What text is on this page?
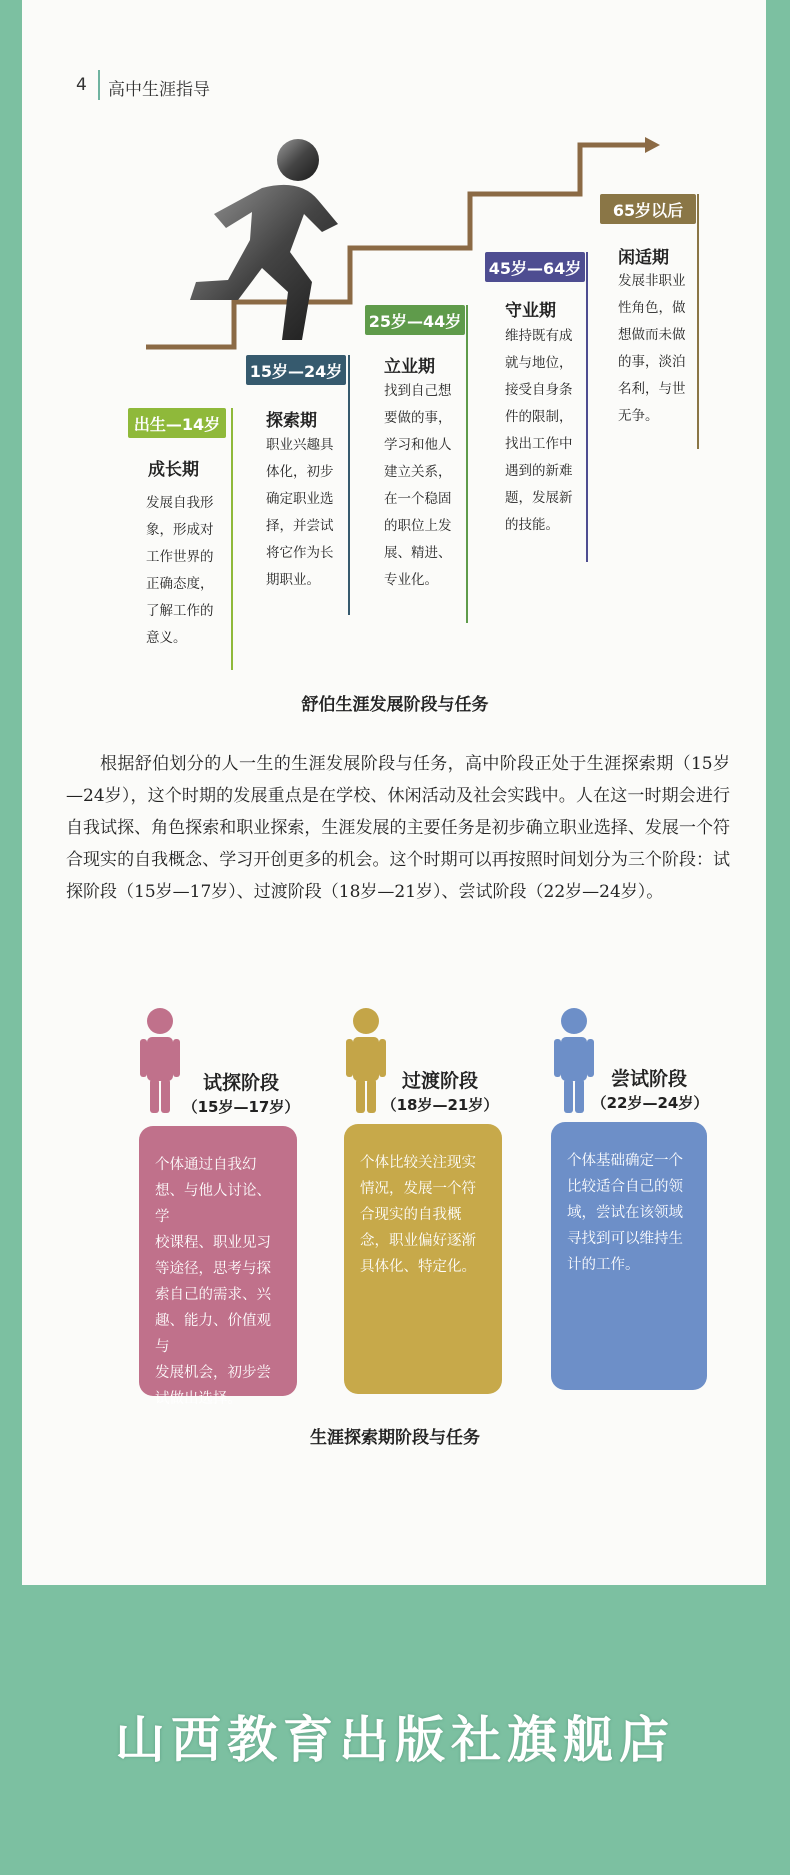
4 高中生涯指导
出生—14岁
成长期
发展自我形
象，形成对
工作世界的
正确态度，
了解工作的
意义。
15岁—24岁
探索期
职业兴趣具
体化，初步
确定职业选
择，并尝试
将它作为长
期职业。
25岁—44岁
立业期
找到自己想
要做的事，
学习和他人
建立关系，
在一个稳固
的职位上发
展、精进、
专业化。
45岁—64岁
守业期
维持既有成
就与地位，
接受自身条
件的限制，
找出工作中
遇到的新难
题，发展新
的技能。
65岁以后
闲适期
发展非职业
性角色，做
想做而未做
的事，淡泊
名利，与世
无争。
舒伯生涯发展阶段与任务
根据舒伯划分的人一生的生涯发展阶段与任务，高中阶段正处于生涯探索期（15岁—24岁），这个时期的发展重点是在学校、休闲活动及社会实践中。人在这一时期会进行自我试探、角色探索和职业探索，生涯发展的主要任务是初步确立职业选择、发展一个符合现实的自我概念、学习开创更多的机会。这个时期可以再按照时间划分为三个阶段：试探阶段（15岁—17岁）、过渡阶段（18岁—21岁）、尝试阶段（22岁—24岁）。
试探阶段
（15岁—17岁）
个体通过自我幻
想、与他人讨论、学
校课程、职业见习
等途径，思考与探
索自己的需求、兴
趣、能力、价值观与
发展机会，初步尝
试做出选择。
过渡阶段
（18岁—21岁）
个体比较关注现实
情况，发展一个符
合现实的自我概
念，职业偏好逐渐
具体化、特定化。
尝试阶段
（22岁—24岁）
个体基础确定一个
比较适合自己的领
域，尝试在该领域
寻找到可以维持生
计的工作。
生涯探索期阶段与任务
山西教育出版社旗舰店
